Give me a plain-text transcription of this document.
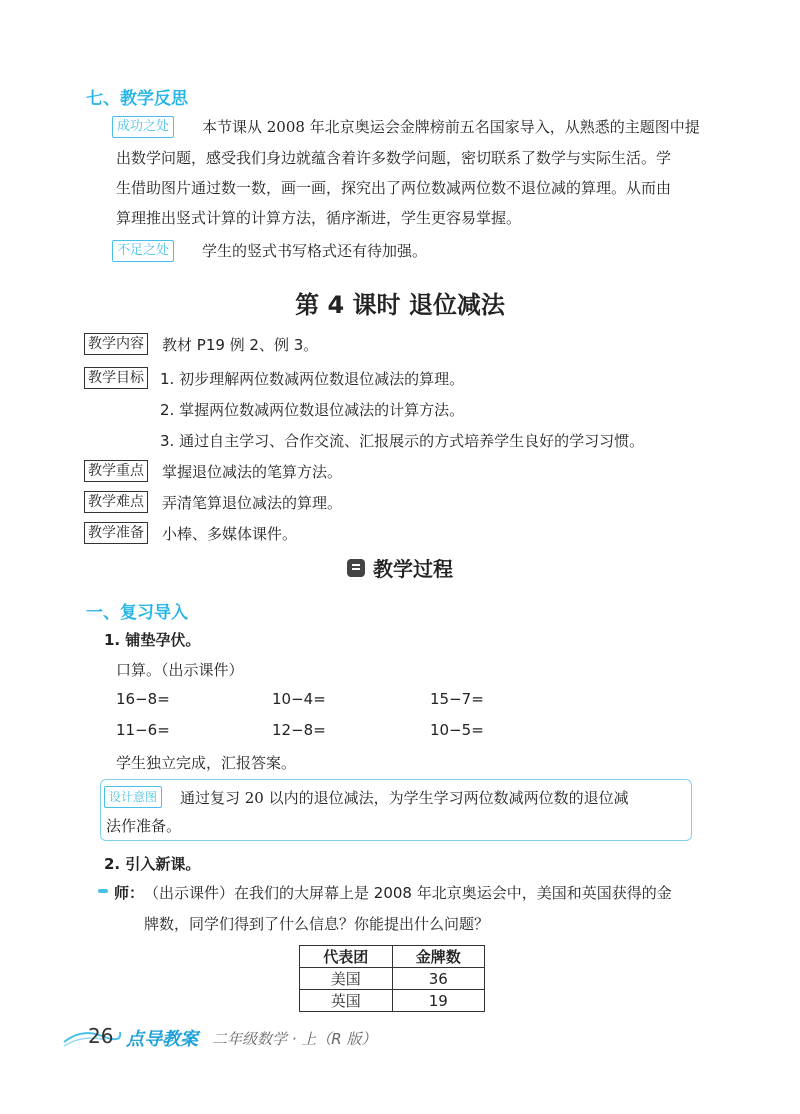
七、教学反思
成功之处	本节课从 2008 年北京奥运会金牌榜前五名国家导入，从熟悉的主题图中提
出数学问题，感受我们身边就蕴含着许多数学问题，密切联系了数学与实际生活。学
生借助图片通过数一数，画一画，探究出了两位数减两位数不退位减的算理。从而由
算理推出竖式计算的计算方法，循序渐进，学生更容易掌握。
不足之处	学生的竖式书写格式还有待加强。
第 4 课时 退位减法
教学内容 教材 P19 例 2、例 3。
教学目标 1. 初步理解两位数减两位数退位减法的算理。
2. 掌握两位数减两位数退位减法的计算方法。
3. 通过自主学习、合作交流、汇报展示的方式培养学生良好的学习习惯。
教学重点 掌握退位减法的笔算方法。
教学难点 弄清笔算退位减法的算理。
教学准备 小棒、多媒体课件。
教学过程
一、复习导入
1. 铺垫孕伏。
口算。（出示课件）
16−8=	10−4=	15−7=
11−6=	12−8=	10−5=
学生独立完成，汇报答案。
设计意图	通过复习 20 以内的退位减法，为学生学习两位数减两位数的退位减
法作准备。
2. 引入新课。
师： （出示课件）在我们的大屏幕上是 2008 年北京奥运会中，美国和英国获得的金
牌数，同学们得到了什么信息？你能提出什么问题？
代表团	金牌数
美国	36
英国	19
26 点导教案 二年级数学 · 上（R 版）
